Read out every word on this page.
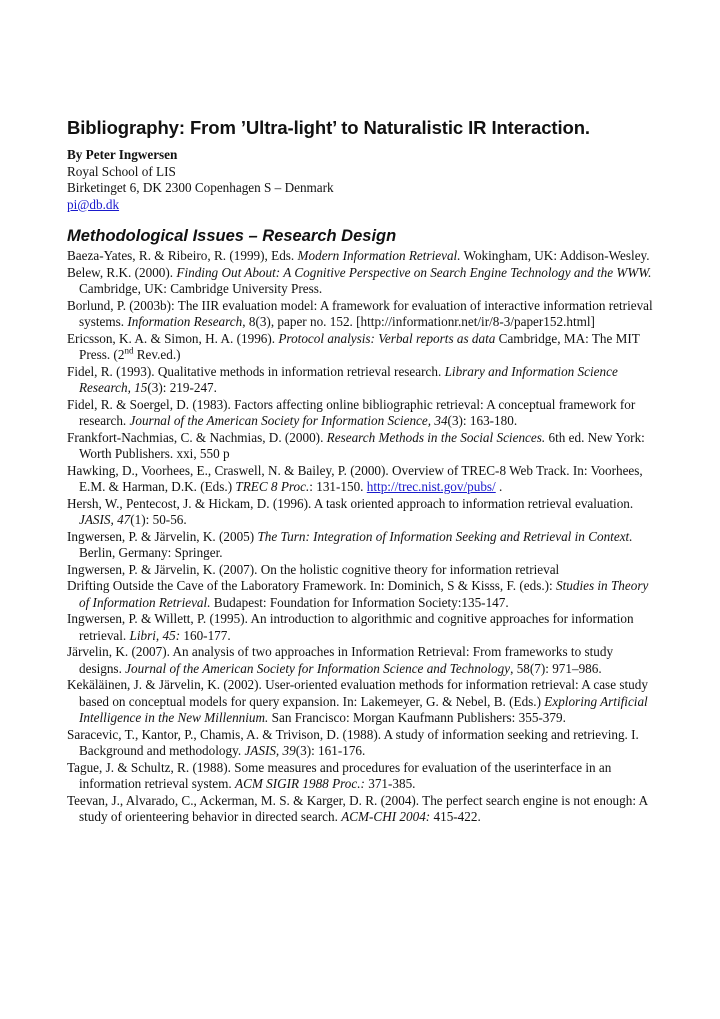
Bibliography: From ’Ultra-light’ to Naturalistic IR Interaction.
By Peter Ingwersen
Royal School of LIS
Birketinget 6, DK 2300 Copenhagen S – Denmark
pi@db.dk
Methodological Issues – Research Design

Baeza-Yates, R. & Ribeiro, R. (1999), Eds. Modern Information Retrieval. Wokingham, UK: Addison-Wesley.

Belew, R.K. (2000). Finding Out About: A Cognitive Perspective on Search Engine Technology and the WWW. Cambridge, UK: Cambridge University Press.

Borlund, P. (2003b): The IIR evaluation model: A framework for evaluation of interactive information retrieval systems. Information Research, 8(3), paper no. 152. [http://informationr.net/ir/8-3/paper152.html]

Ericsson, K. A. & Simon, H. A. (1996). Protocol analysis: Verbal reports as data Cambridge, MA: The MIT Press. (2nd Rev.ed.)

Fidel, R. (1993). Qualitative methods in information retrieval research. Library and Information Science Research, 15(3): 219-247.

Fidel, R. & Soergel, D. (1983). Factors affecting online bibliographic retrieval: A conceptual framework for research. Journal of the American Society for Information Science, 34(3): 163-180.

Frankfort-Nachmias, C. & Nachmias, D. (2000). Research Methods in the Social Sciences. 6th ed. New York: Worth Publishers. xxi, 550 p

Hawking, D., Voorhees, E., Craswell, N. & Bailey, P. (2000). Overview of TREC-8 Web Track. In: Voorhees, E.M. & Harman, D.K. (Eds.) TREC 8 Proc.: 131-150. http://trec.nist.gov/pubs/ .

Hersh, W., Pentecost, J. & Hickam, D. (1996). A task oriented approach to information retrieval evaluation. JASIS, 47(1): 50-56.

Ingwersen, P. & Järvelin, K. (2005) The Turn: Integration of Information Seeking and Retrieval in Context. Berlin, Germany: Springer.

Ingwersen, P. & Järvelin, K. (2007). On the holistic cognitive theory for information retrieval

Drifting Outside the Cave of the Laboratory Framework. In: Dominich, S & Kisss, F. (eds.): Studies in Theory of Information Retrieval. Budapest: Foundation for Information Society:135-147.

Ingwersen, P. & Willett, P. (1995). An introduction to algorithmic and cognitive approaches for information retrieval. Libri, 45: 160-177.

Järvelin, K. (2007). An analysis of two approaches in Information Retrieval: From frameworks to study designs. Journal of the American Society for Information Science and Technology, 58(7): 971–986.

Kekäläinen, J. & Järvelin, K. (2002). User-oriented evaluation methods for information retrieval: A case study based on conceptual models for query expansion. In: Lakemeyer, G. & Nebel, B. (Eds.) Exploring Artificial Intelligence in the New Millennium. San Francisco: Morgan Kaufmann Publishers: 355-379.

Saracevic, T., Kantor, P., Chamis, A. & Trivison, D. (1988). A study of information seeking and retrieving. I. Background and methodology. JASIS, 39(3): 161-176.

Tague, J. & Schultz, R. (1988). Some measures and procedures for evaluation of the userinterface in an information retrieval system. ACM SIGIR 1988 Proc.: 371-385.

Teevan, J., Alvarado, C., Ackerman, M. S. & Karger, D. R. (2004). The perfect search engine is not enough: A study of orienteering behavior in directed search. ACM-CHI 2004: 415-422.
